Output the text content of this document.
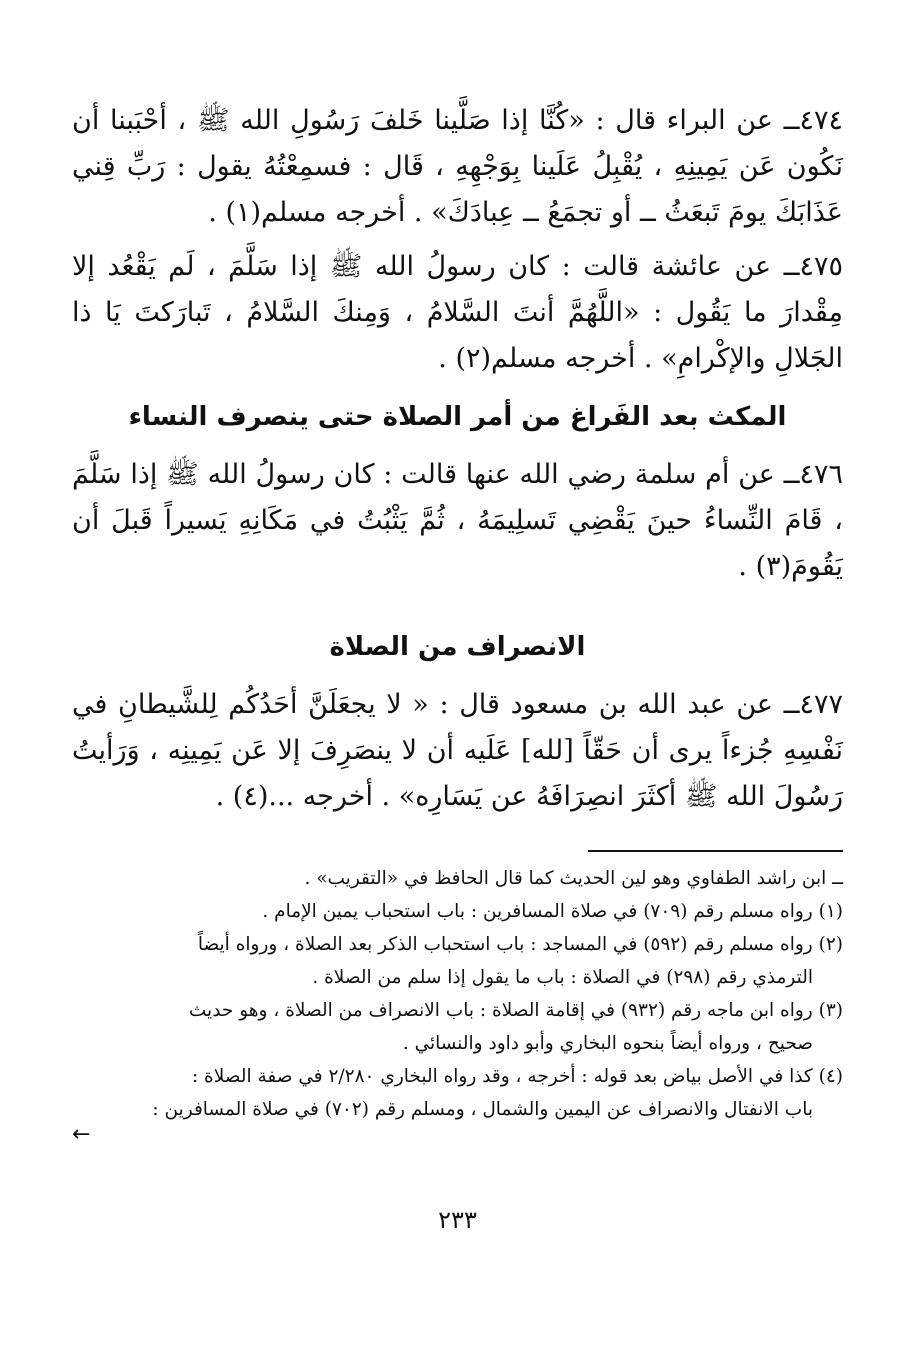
٤٧٤ــ عن البراء قال : «كُنَّا إذا صَلَّينا خَلفَ رَسُولِ الله ﷺ ، أحْبَبنا أن نَكُون عَن يَمِينِهِ ، يُقْبِلُ عَلَينا بِوَجْهِهِ ، قَال : فسمِعْتُهُ يقول : رَبِّ قِني عَذَابَكَ يومَ تَبعَثُ ــ أو تجمَعُ ــ عِبادَكَ» . أخرجه مسلم(١) .

٤٧٥ــ عن عائشة قالت : كان رسولُ الله ﷺ إذا سَلَّمَ ، لَم يَقْعُد إلا مِقْدارَ ما يَقُول : «اللَّهُمَّ أنتَ السَّلامُ ، وَمِنكَ السَّلامُ ، تَبارَكتَ يَا ذا الجَلالِ والإكْرامِ» . أخرجه مسلم(٢) .

المكث بعد الفَراغ من أمر الصلاة حتى ينصرف النساء

٤٧٦ــ عن أم سلمة رضي الله عنها قالت : كان رسولُ الله ﷺ إذا سَلَّمَ ، قَامَ النِّساءُ حينَ يَقْضِي تَسلِيمَهُ ، ثُمَّ يَثْبُتُ في مَكَانِهِ يَسيراً قَبلَ أن يَقُومَ(٣) .

الانصراف من الصلاة

٤٧٧ــ عن عبد الله بن مسعود قال : « لا يجعَلَنَّ أحَدُكُم لِلشَّيطانِ في نَفْسِهِ جُزءاً يرى أن حَقّاً [لله] عَلَيه أن لا ينصَرِفَ إلا عَن يَمِينِه ، وَرَأيتُ رَسُولَ الله ﷺ أكثَرَ انصِرَافَهُ عن يَسَارِه» . أخرجه ...(٤) .

ــ ابن راشد الطفاوي وهو لين الحديث كما قال الحافظ في «التقريب» .

(١) رواه مسلم رقم (٧٠٩) في صلاة المسافرين : باب استحباب يمين الإمام .

(٢) رواه مسلم رقم (٥٩٢) في المساجد : باب استحباب الذكر بعد الصلاة ، ورواه أيضاً

الترمذي رقم (٢٩٨) في الصلاة : باب ما يقول إذا سلم من الصلاة .

(٣) رواه ابن ماجه رقم (٩٣٢) في إقامة الصلاة : باب الانصراف من الصلاة ، وهو حديث

صحيح ، ورواه أيضاً بنحوه البخاري وأبو داود والنسائي .

(٤) كذا في الأصل بياض بعد قوله : أخرجه ، وقد رواه البخاري ٢/٢٨٠ في صفة الصلاة :

باب الانفتال والانصراف عن اليمين والشمال ، ومسلم رقم (٧٠٢) في صلاة المسافرين :

←
٢٣٣
